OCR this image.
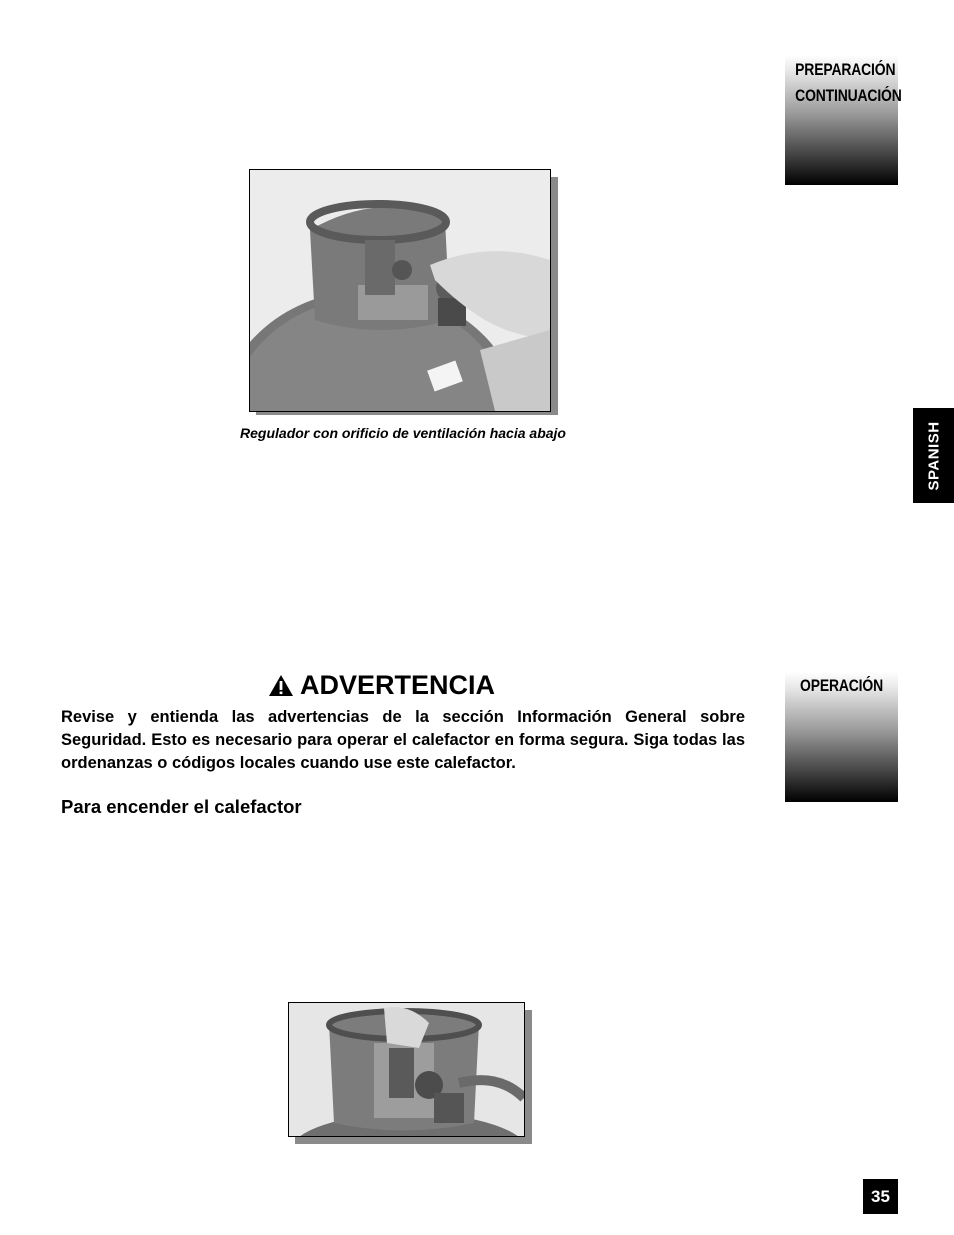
PREPARACIÓN
CONTINUACIÓN
OPERACIÓN
SPANISH
Regulador con orificio de ventilación hacia abajo
ADVERTENCIA
Revise y entienda las advertencias de la sección Información General sobre Seguridad. Esto es necesario para operar el calefactor en forma segura. Siga todas las ordenanzas o códigos locales cuando use este calefactor.
Para encender el calefactor
35
